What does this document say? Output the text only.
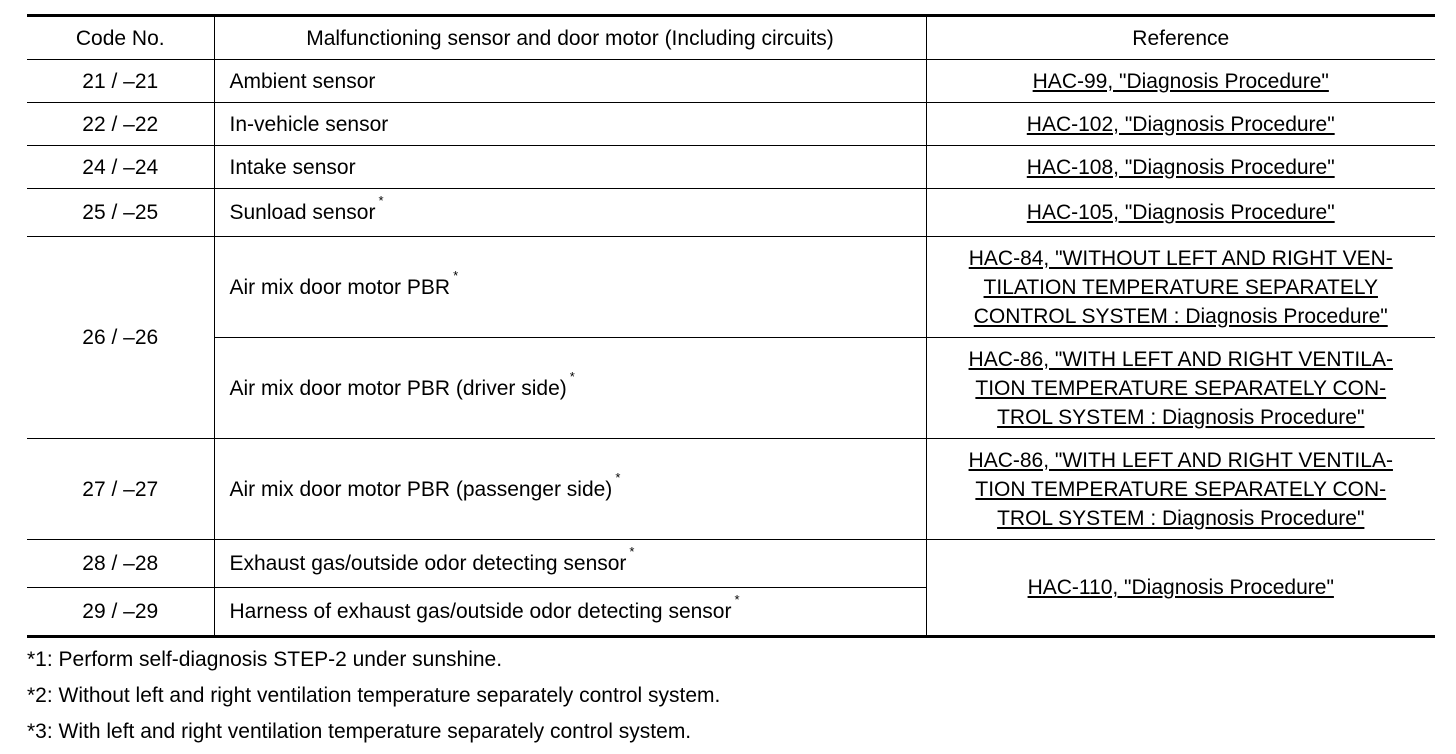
Code No.	Malfunctioning sensor and door motor (Including circuits)	Reference
21 / –21	Ambient sensor	HAC-99, "Diagnosis Procedure"
22 / –22	In-vehicle sensor	HAC-102, "Diagnosis Procedure"
24 / –24	Intake sensor	HAC-108, "Diagnosis Procedure"
25 / –25	Sunload sensor*	HAC-105, "Diagnosis Procedure"
26 / –26	Air mix door motor PBR*	HAC-84, "WITHOUT LEFT AND RIGHT VEN-
TILATION TEMPERATURE SEPARATELY
CONTROL SYSTEM : Diagnosis Procedure"
	Air mix door motor PBR (driver side)*	HAC-86, "WITH LEFT AND RIGHT VENTILA-
TION TEMPERATURE SEPARATELY CON-
TROL SYSTEM : Diagnosis Procedure"
27 / –27	Air mix door motor PBR (passenger side)*	HAC-86, "WITH LEFT AND RIGHT VENTILA-
TION TEMPERATURE SEPARATELY CON-
TROL SYSTEM : Diagnosis Procedure"
28 / –28	Exhaust gas/outside odor detecting sensor*	HAC-110, "Diagnosis Procedure"
29 / –29	Harness of exhaust gas/outside odor detecting sensor*
*1: Perform self-diagnosis STEP-2 under sunshine.
*2: Without left and right ventilation temperature separately control system.
*3: With left and right ventilation temperature separately control system.
